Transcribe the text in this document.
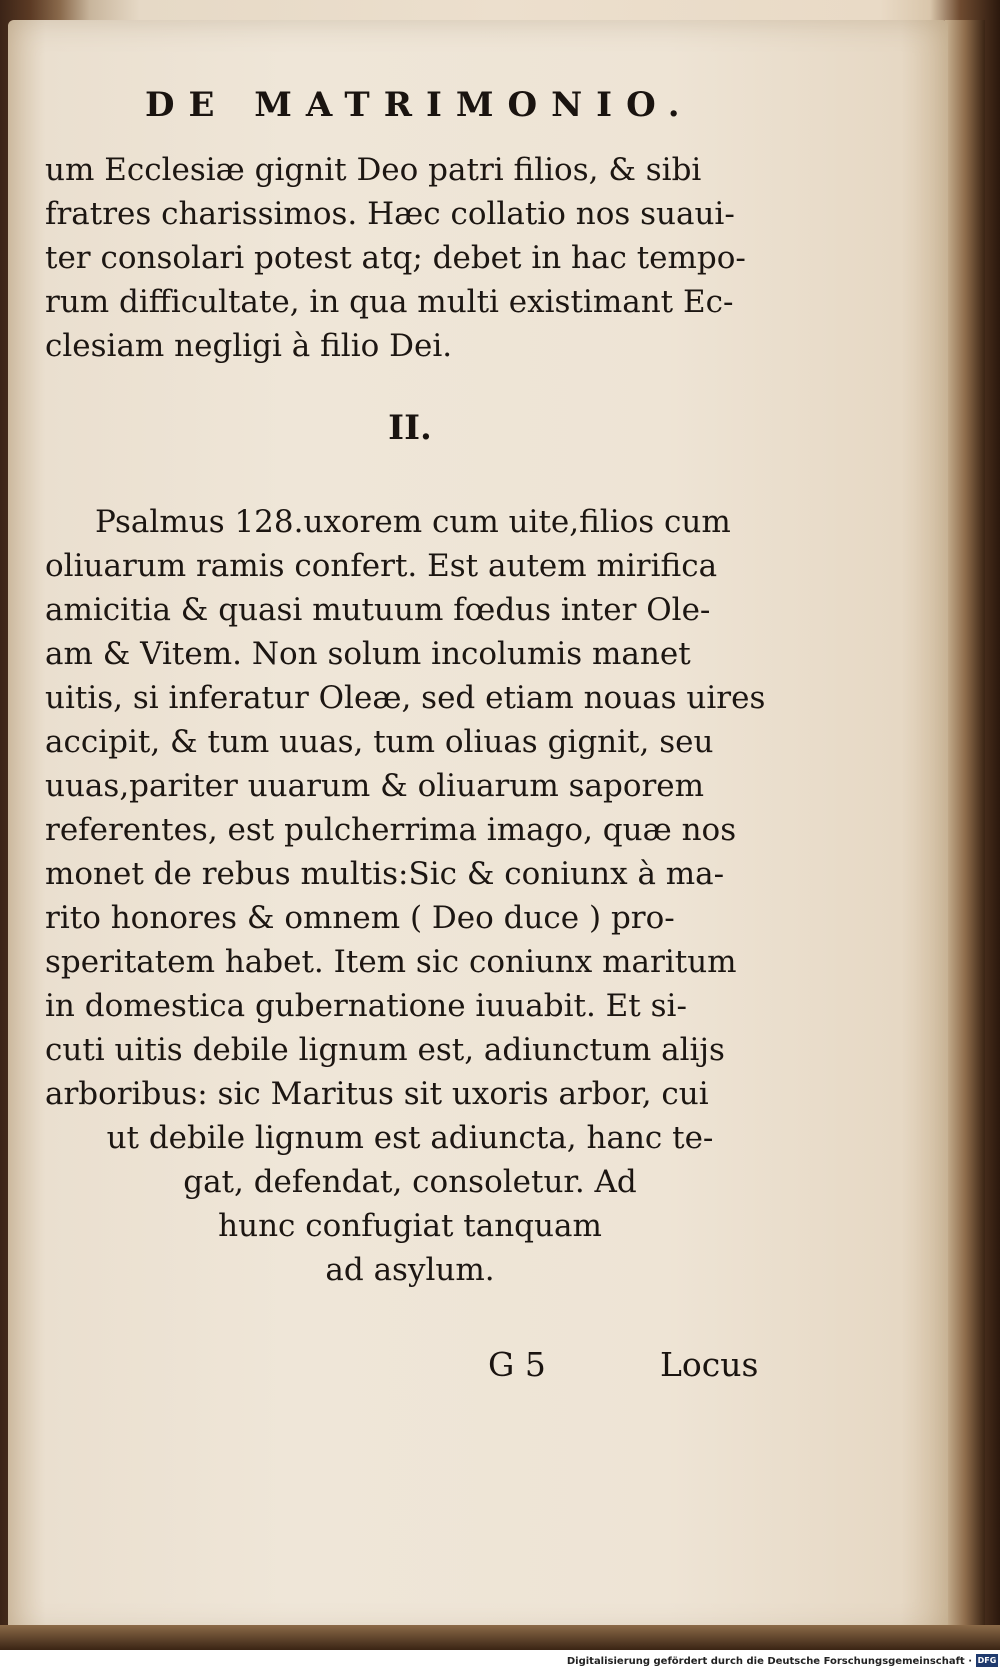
DE MATRIMONIO.
um Ecclesiæ gignit Deo patri filios, & sibi
fratres charissimos. Hæc collatio nos suaui-
ter consolari potest atq; debet in hac tempo-
rum difficultate, in qua multi existimant Ec-
clesiam negligi à filio Dei.
II.
Psalmus 128.uxorem cum uite,filios cum
oliuarum ramis confert. Est autem mirifica
amicitia & quasi mutuum fœdus inter Ole-
am & Vitem. Non solum incolumis manet
uitis, si inferatur Oleæ, sed etiam nouas uires
accipit, & tum uuas, tum oliuas gignit, seu
uuas,pariter uuarum & oliuarum saporem
referentes, est pulcherrima imago, quæ nos
monet de rebus multis:Sic & coniunx à ma-
rito honores & omnem ( Deo duce ) pro-
speritatem habet. Item sic coniunx maritum
in domestica gubernatione iuuabit. Et si-
cuti uitis debile lignum est, adiunctum alijs
arboribus: sic Maritus sit uxoris arbor, cui
ut debile lignum est adiuncta, hanc te-
gat, defendat, consoletur. Ad
hunc confugiat tanquam
ad asylum.
G 5	Locus
Digitalisierung gefördert durch die Deutsche Forschungsgemeinschaft · DFG
